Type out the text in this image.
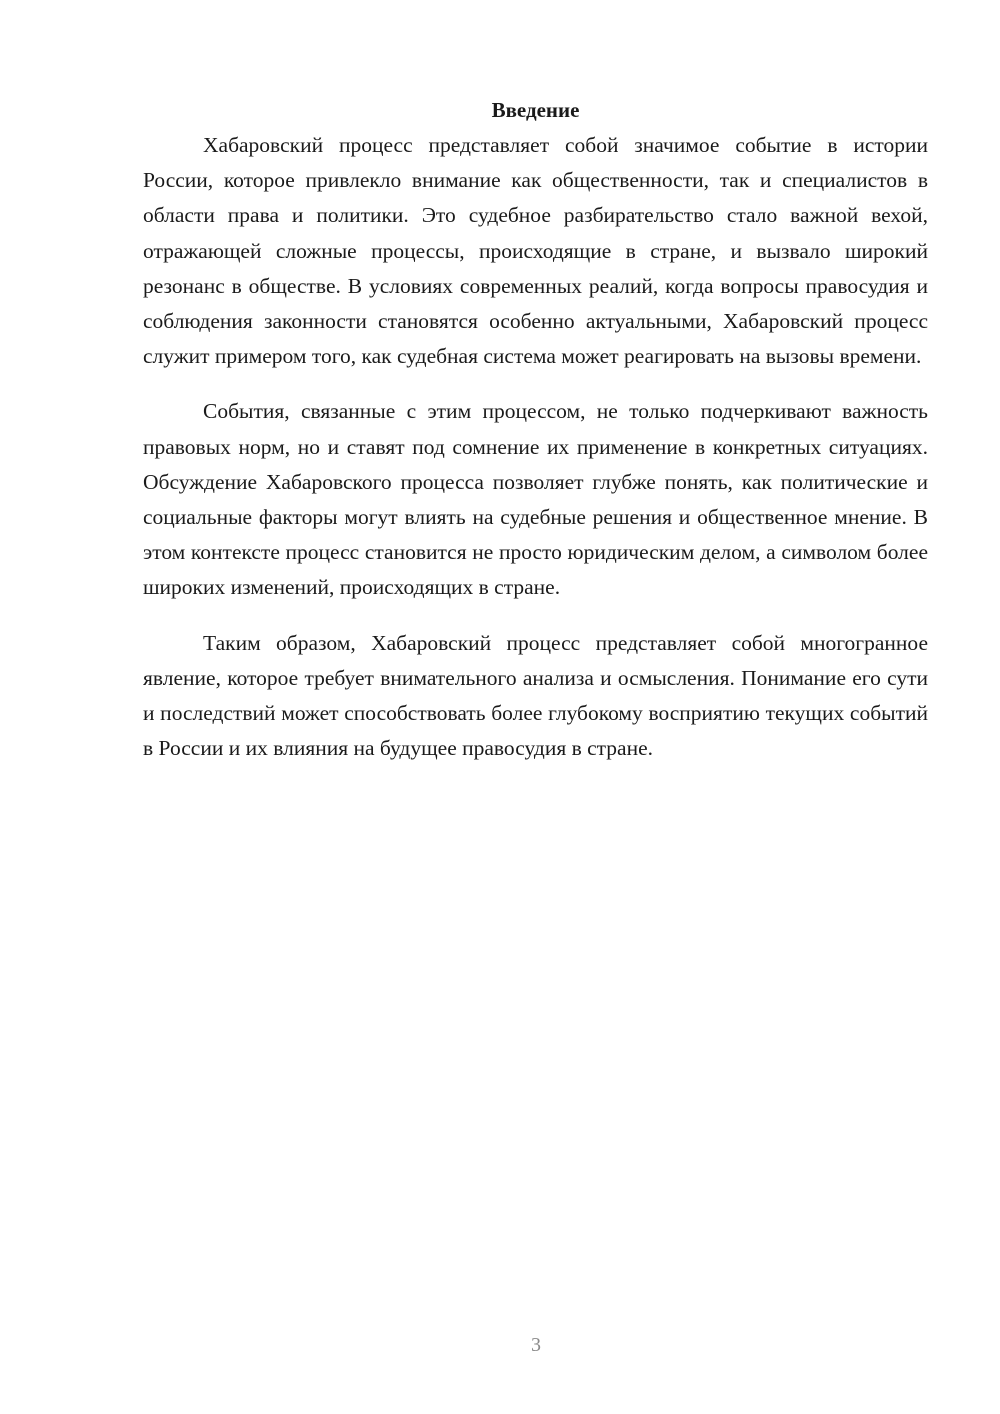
Введение

Хабаровский процесс представляет собой значимое событие в истории России, которое привлекло внимание как общественности, так и специалистов в области права и политики. Это судебное разбирательство стало важной вехой, отражающей сложные процессы, происходящие в стране, и вызвало широкий резонанс в обществе. В условиях современных реалий, когда вопросы правосудия и соблюдения законности становятся особенно актуальными, Хабаровский процесс служит примером того, как судебная система может реагировать на вызовы времени.

События, связанные с этим процессом, не только подчеркивают важность правовых норм, но и ставят под сомнение их применение в конкретных ситуациях. Обсуждение Хабаровского процесса позволяет глубже понять, как политические и социальные факторы могут влиять на судебные решения и общественное мнение. В этом контексте процесс становится не просто юридическим делом, а символом более широких изменений, происходящих в стране.

Таким образом, Хабаровский процесс представляет собой многогранное явление, которое требует внимательного анализа и осмысления. Понимание его сути и последствий может способствовать более глубокому восприятию текущих событий в России и их влияния на будущее правосудия в стране.

3
